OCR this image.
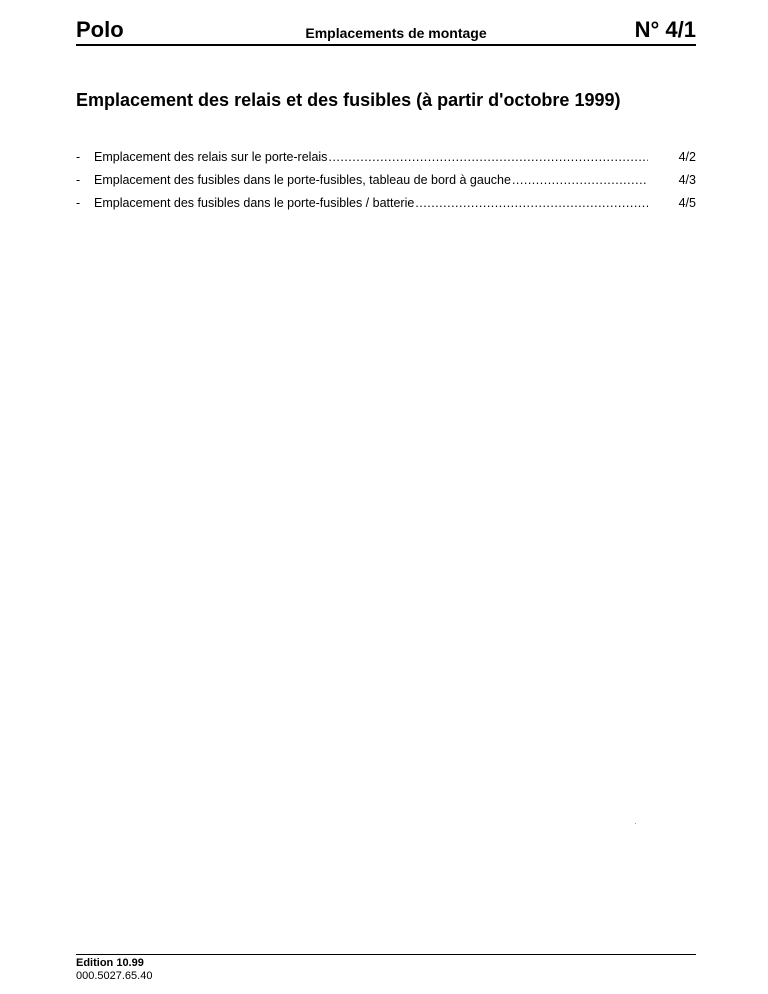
Polo	Emplacements de montage	N° 4/1
Emplacement des relais et des fusibles (à partir d'octobre 1999)
-	Emplacement des relais sur le porte-relais .....	4/2
-	Emplacement des fusibles dans le porte-fusibles, tableau de bord à gauche .....	4/3
-	Emplacement des fusibles dans le porte-fusibles / batterie .....	4/5
Edition 10.99
000.5027.65.40
